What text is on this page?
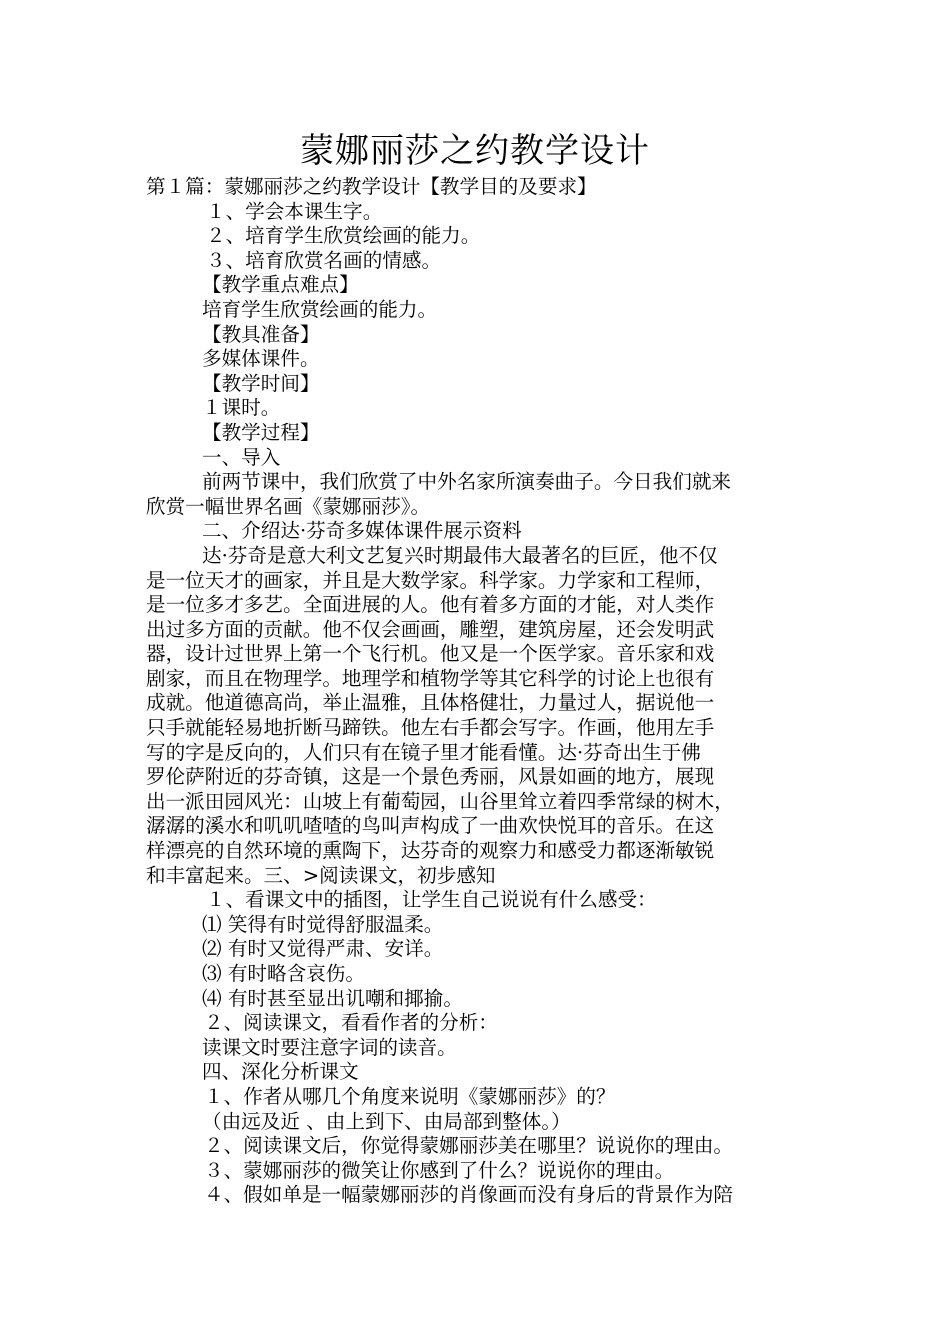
蒙娜丽莎之约教学设计
第１篇：蒙娜丽莎之约教学设计【教学目的及要求】
１、学会本课生字。
２、培育学生欣赏绘画的能力。
３、培育欣赏名画的情感。
【教学重点难点】
培育学生欣赏绘画的能力。
【教具准备】
多媒体课件。
【教学时间】
１课时。
【教学过程】
一、导入
前两节课中，我们欣赏了中外名家所演奏曲子。今日我们就来
欣赏一幅世界名画《蒙娜丽莎》。
二、介绍达·芬奇多媒体课件展示资料
达·芬奇是意大利文艺复兴时期最伟大最著名的巨匠，他不仅
是一位天才的画家，并且是大数学家。科学家。力学家和工程师，
是一位多才多艺。全面进展的人。他有着多方面的才能，对人类作
出过多方面的贡献。他不仅会画画，雕塑，建筑房屋，还会发明武
器，设计过世界上第一个飞行机。他又是一个医学家。音乐家和戏
剧家，而且在物理学。地理学和植物学等其它科学的讨论上也很有
成就。他道德高尚，举止温雅，且体格健壮，力量过人，据说他一
只手就能轻易地折断马蹄铁。他左右手都会写字。作画，他用左手
写的字是反向的，人们只有在镜子里才能看懂。达·芬奇出生于佛
罗伦萨附近的芬奇镇，这是一个景色秀丽，风景如画的地方，展现
出一派田园风光：山坡上有葡萄园，山谷里耸立着四季常绿的树木，
潺潺的溪水和叽叽喳喳的鸟叫声构成了一曲欢快悦耳的音乐。在这
样漂亮的自然环境的熏陶下，达芬奇的观察力和感受力都逐渐敏锐
和丰富起来。三、>阅读课文，初步感知
１、看课文中的插图，让学生自己说说有什么感受：
⑴ 笑得有时觉得舒服温柔。
⑵ 有时又觉得严肃、安详。
⑶ 有时略含哀伤。
⑷ 有时甚至显出讥嘲和揶揄。
２、阅读课文，看看作者的分析：
读课文时要注意字词的读音。
四、深化分析课文
１、作者从哪几个角度来说明《蒙娜丽莎》的？
（由远及近 、由上到下、由局部到整体。）
２、阅读课文后，你觉得蒙娜丽莎美在哪里？说说你的理由。
３、蒙娜丽莎的微笑让你感到了什么？说说你的理由。
４、假如单是一幅蒙娜丽莎的肖像画而没有身后的背景作为陪
